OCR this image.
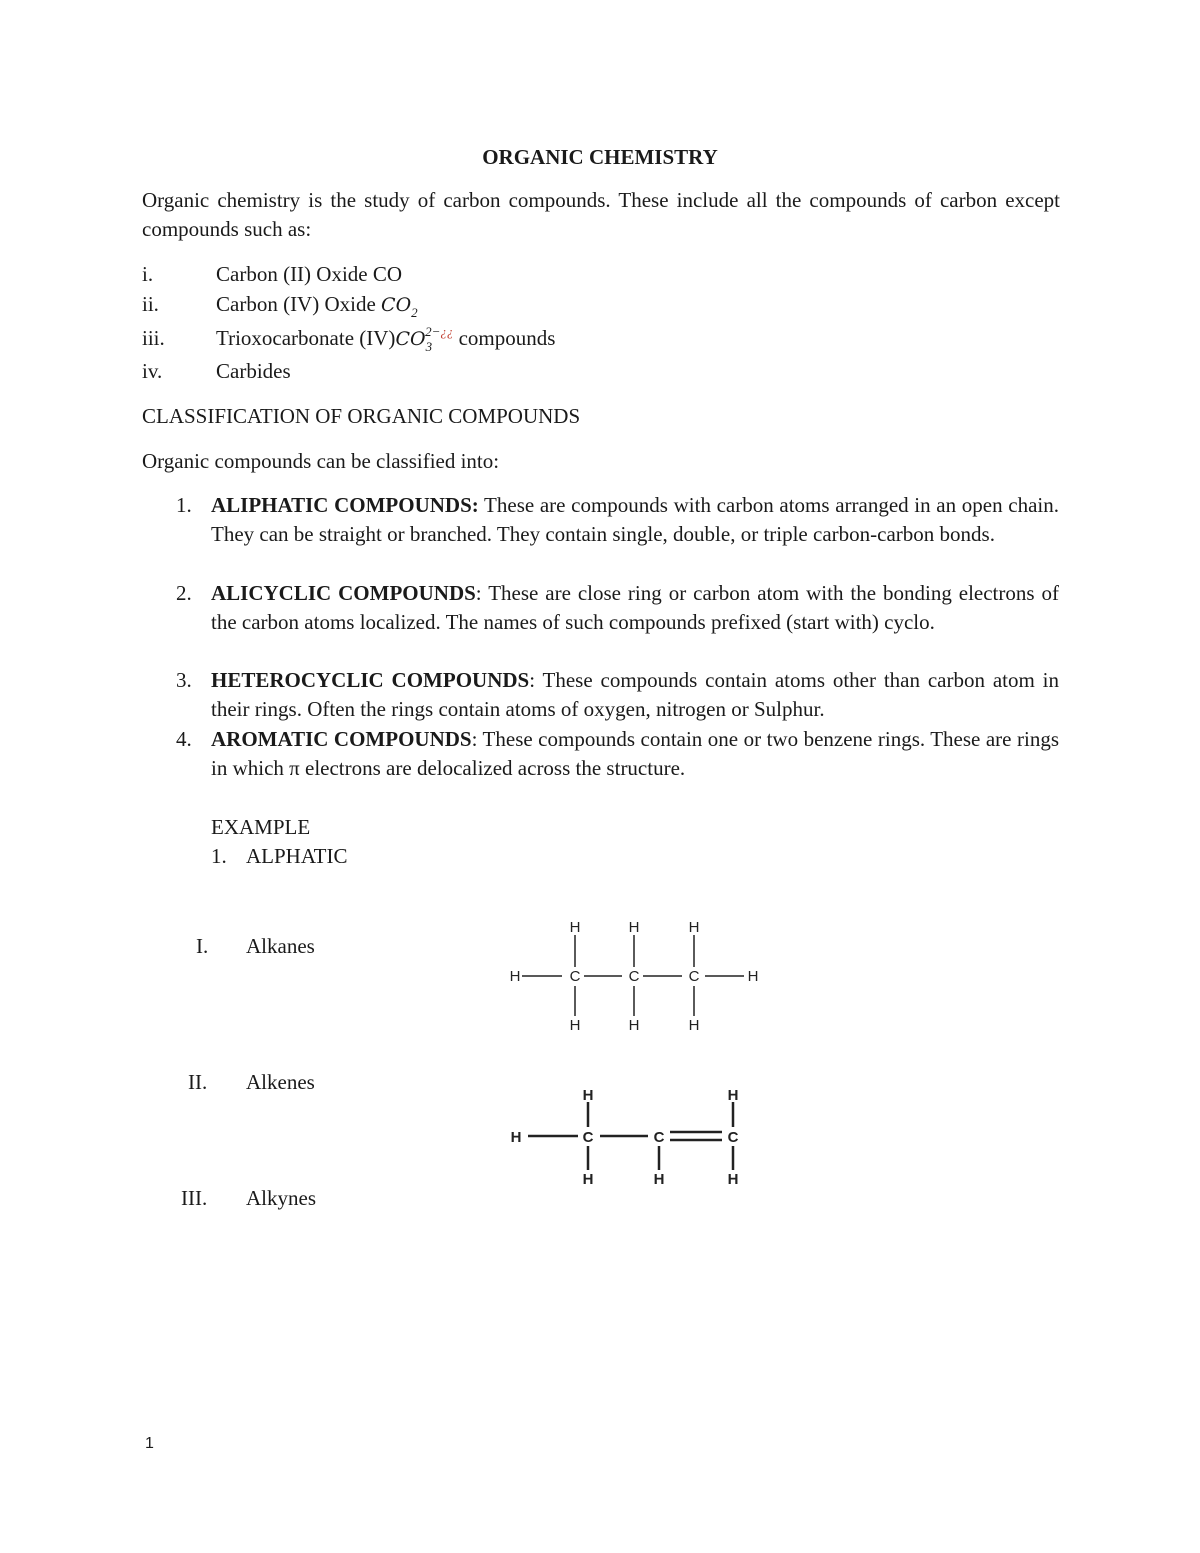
ORGANIC CHEMISTRY
Organic chemistry is the study of carbon compounds. These include all the compounds of carbon except compounds such as:
i.	Carbon (II) Oxide CO
ii.	Carbon (IV) Oxide $CO_2$
iii. Trioxocarbonate $(IV)CO_3^{2-¿¿}$ compounds
iv.	Carbides
CLASSIFICATION OF ORGANIC COMPOUNDS
Organic compounds can be classified into:
1. ALIPHATIC COMPOUNDS: These are compounds with carbon atoms arranged in an open chain. They can be straight or branched. They contain single, double, or triple carbon-carbon bonds.
2. ALICYCLIC COMPOUNDS: These are close ring or carbon atom with the bonding electrons of the carbon atoms localized. The names of such compounds prefixed (start with) cyclo.
3. HETEROCYCLIC COMPOUNDS: These compounds contain atoms other than carbon atom in their rings. Often the rings contain atoms of oxygen, nitrogen or Sulphur.
4. AROMATIC COMPOUNDS: These compounds contain one or two benzene rings. These are rings in which π electrons are delocalized across the structure.
EXAMPLE
1. ALPHATIC
I. Alkanes
II. Alkenes
III. Alkynes
H	H	H
H	C	C	C	H
H	H	H
H	H
H	C	C	C
H	H	H
1
